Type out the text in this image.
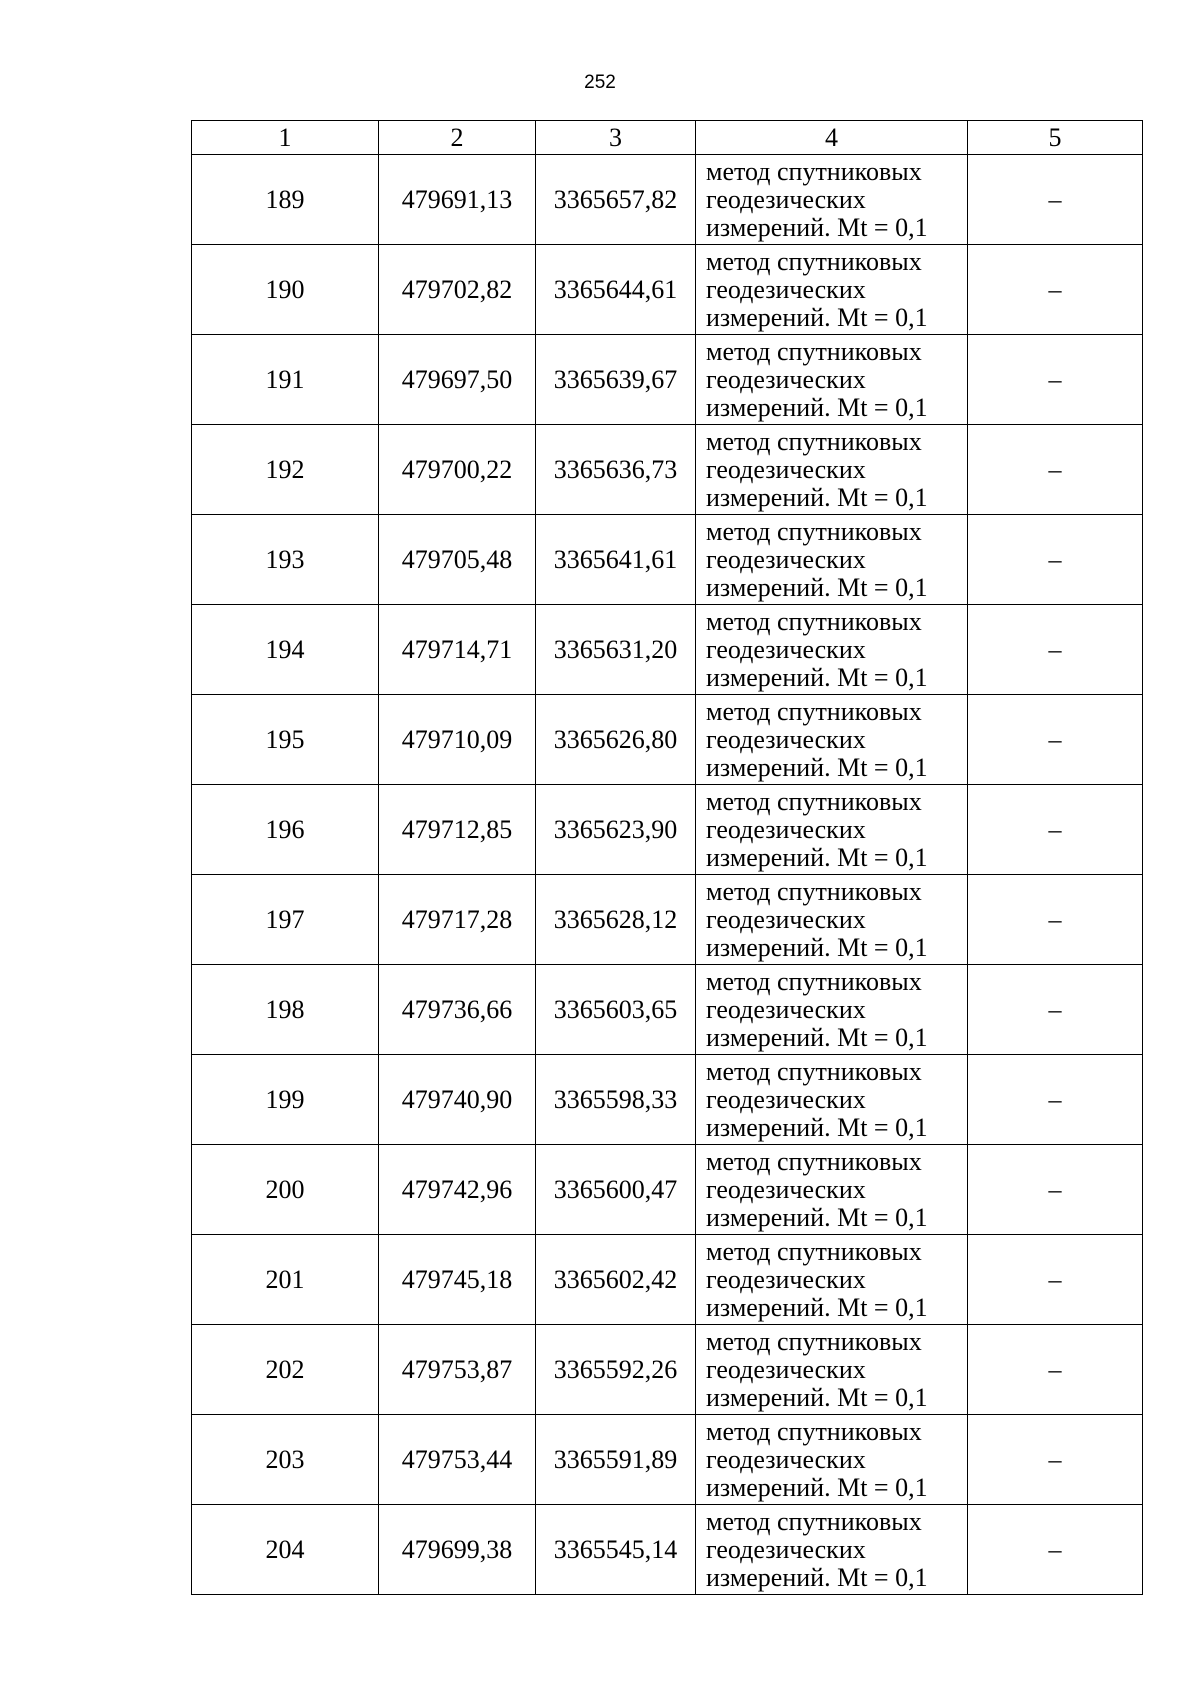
252
1	2	3	4	5
189	479691,13	3365657,82	метод спутниковых
геодезических
измерений. Mt = 0,1	–
190	479702,82	3365644,61	метод спутниковых
геодезических
измерений. Mt = 0,1	–
191	479697,50	3365639,67	метод спутниковых
геодезических
измерений. Mt = 0,1	–
192	479700,22	3365636,73	метод спутниковых
геодезических
измерений. Mt = 0,1	–
193	479705,48	3365641,61	метод спутниковых
геодезических
измерений. Mt = 0,1	–
194	479714,71	3365631,20	метод спутниковых
геодезических
измерений. Mt = 0,1	–
195	479710,09	3365626,80	метод спутниковых
геодезических
измерений. Mt = 0,1	–
196	479712,85	3365623,90	метод спутниковых
геодезических
измерений. Mt = 0,1	–
197	479717,28	3365628,12	метод спутниковых
геодезических
измерений. Mt = 0,1	–
198	479736,66	3365603,65	метод спутниковых
геодезических
измерений. Mt = 0,1	–
199	479740,90	3365598,33	метод спутниковых
геодезических
измерений. Mt = 0,1	–
200	479742,96	3365600,47	метод спутниковых
геодезических
измерений. Mt = 0,1	–
201	479745,18	3365602,42	метод спутниковых
геодезических
измерений. Mt = 0,1	–
202	479753,87	3365592,26	метод спутниковых
геодезических
измерений. Mt = 0,1	–
203	479753,44	3365591,89	метод спутниковых
геодезических
измерений. Mt = 0,1	–
204	479699,38	3365545,14	метод спутниковых
геодезических
измерений. Mt = 0,1	–
